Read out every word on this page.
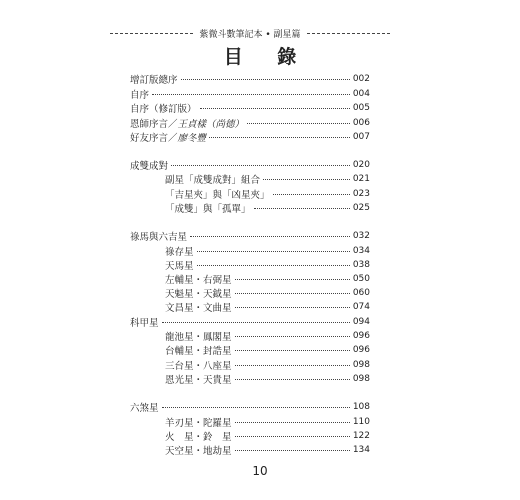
紫微斗數筆記本 • 副星篇
目 錄
增訂版總序	002
自序	004
自序（修訂版）	005
恩師序言／王貞樣（尚德）	006
好友序言／廖冬豐	007
成雙成對	020
副星「成雙成對」組合	021
「吉星夾」與「凶星夾」	023
「成雙」與「孤單」	025
祿馬與六吉星	032
祿存星	034
天馬星	038
左輔星・右弼星	050
天魁星・天鉞星	060
文昌星・文曲星	074
科甲星	094
龍池星・鳳閣星	096
台輔星・封誥星	096
三台星・八座星	098
恩光星・天貴星	098
六煞星	108
羊刃星・陀羅星	110
火　星・鈴　星	122
天空星・地劫星	134
10
